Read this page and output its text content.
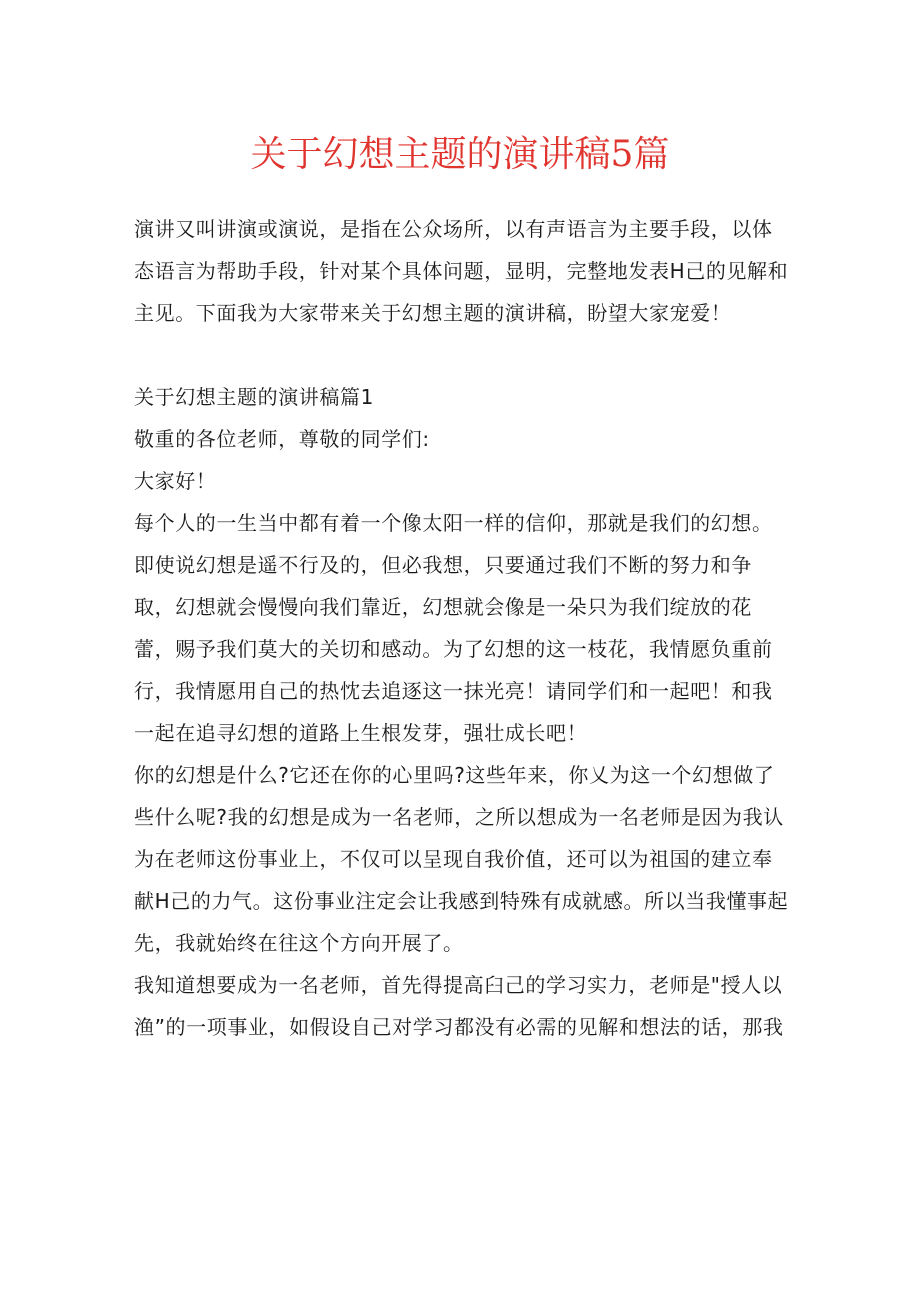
关于幻想主题的演讲稿5篇

演讲又叫讲演或演说，是指在公众场所，以有声语言为主要手段，以体态语言为帮助手段，针对某个具体问题，显明，完整地发表H己的见解和主见。下面我为大家带来关于幻想主题的演讲稿，盼望大家宠爱！

关于幻想主题的演讲稿篇1

敬重的各位老师，尊敬的同学们:

大家好！

每个人的一生当中都有着一个像太阳一样的信仰，那就是我们的幻想。即使说幻想是遥不行及的，但必我想，只要通过我们不断的努力和争取，幻想就会慢慢向我们靠近，幻想就会像是一朵只为我们绽放的花蕾，赐予我们莫大的关切和感动。为了幻想的这一枝花，我情愿负重前行，我情愿用自己的热忱去追逐这一抹光亮！请同学们和一起吧！和我一起在追寻幻想的道路上生根发芽，强壮成长吧！

你的幻想是什么?它还在你的心里吗?这些年来，你乂为这一个幻想做了些什么呢?我的幻想是成为一名老师，之所以想成为一名老师是因为我认为在老师这份事业上，不仅可以呈现自我价值，还可以为祖国的建立奉献H己的力气。这份事业注定会让我感到特殊有成就感。所以当我懂事起先，我就始终在往这个方向开展了。

我知道想要成为一名老师，首先得提高臼己的学习实力，老师是"授人以渔”的一项事业，如假设自己对学习都没有必需的见解和想法的话，那我
